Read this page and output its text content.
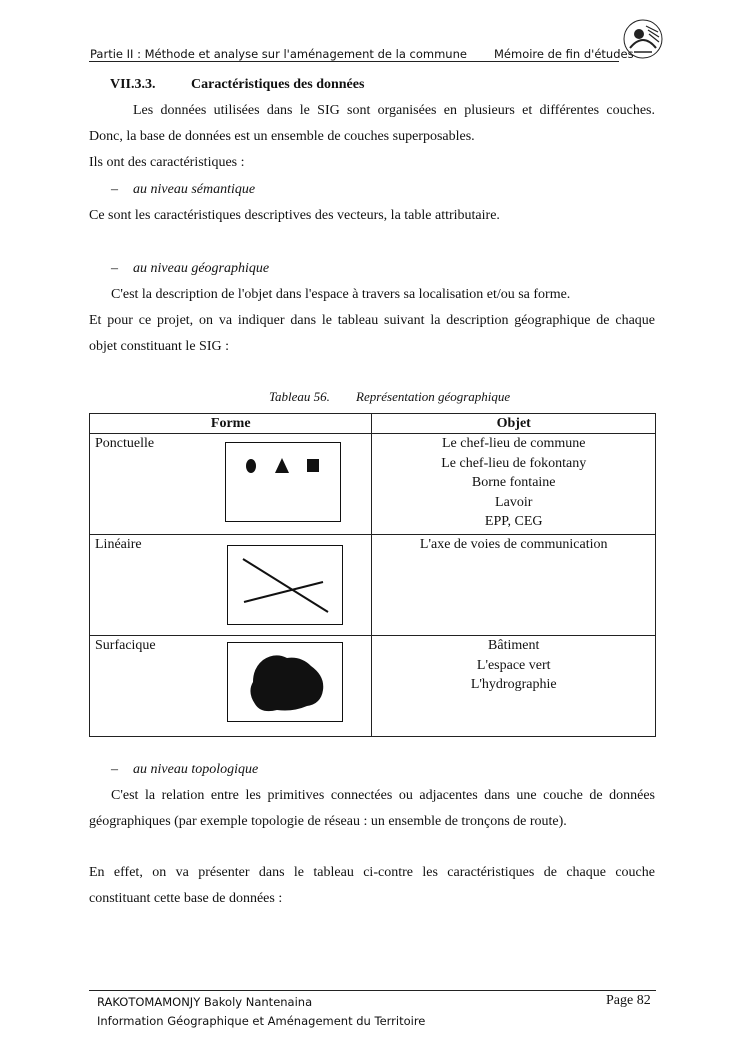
Partie II : Méthode et analyse sur l'aménagement de la commune Mémoire de fin d'études
VII.3.3.	Caractéristiques des données
Les données utilisées dans le SIG sont organisées en plusieurs et différentes couches.
Donc, la base de données est un ensemble de couches superposables.
Ils ont des caractéristiques :
– au niveau sémantique
Ce sont les caractéristiques descriptives des vecteurs, la table attributaire.
– au niveau géographique
C'est la description de l'objet dans l'espace à travers sa localisation et/ou sa forme.
Et pour ce projet, on va indiquer dans le tableau suivant la description géographique de chaque
objet constituant le SIG :
Tableau 56. Représentation géographique
Forme	Objet

Ponctuelle	Le chef-lieu de commune
Le chef-lieu de fokontany
Borne fontaine
Lavoir
EPP, CEG

Linéaire	L'axe de voies de communication

Surfacique	Bâtiment
L'espace vert
L'hydrographie
– au niveau topologique
C'est la relation entre les primitives connectées ou adjacentes dans une couche de données
géographiques (par exemple topologie de réseau : un ensemble de tronçons de route).
En effet, on va présenter dans le tableau ci-contre les caractéristiques de chaque couche
constituant cette base de données :
RAKOTOMAMONJY Bakoly Nantenaina	Page 82
Information Géographique et Aménagement du Territoire
